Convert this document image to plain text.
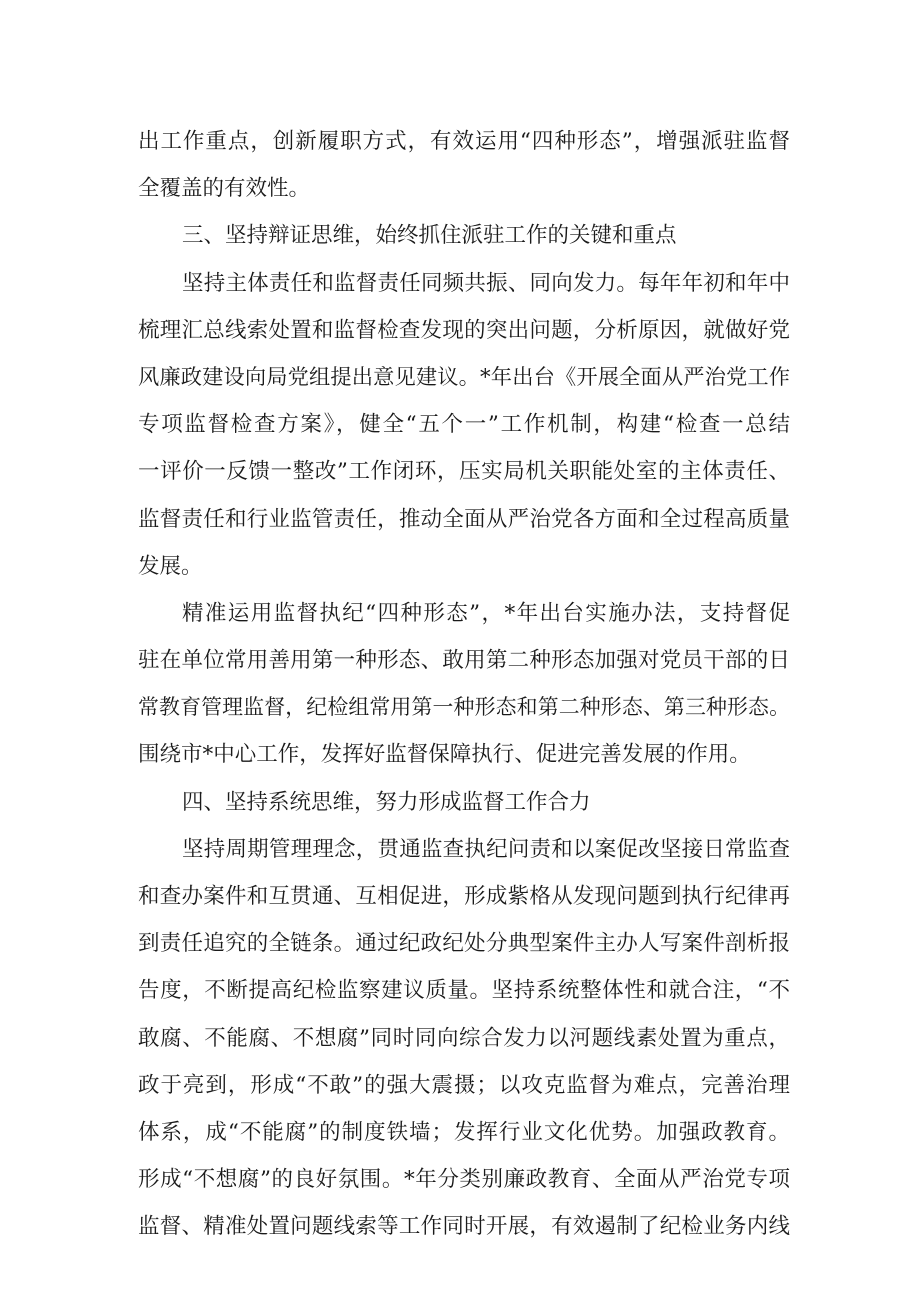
出工作重点，创新履职方式，有效运用“四种形态”，增强派驻监督
全覆盖的有效性。
三、坚持辩证思维，始终抓住派驻工作的关键和重点
坚持主体责任和监督责任同频共振、同向发力。每年年初和年中
梳理汇总线索处置和监督检查发现的突出问题，分析原因，就做好党
风廉政建设向局党组提出意见建议。*年出台《开展全面从严治党工作
专项监督检查方案》，健全“五个一”工作机制，构建“检查一总结
一评价一反馈一整改”工作闭环，压实局机关职能处室的主体责任、
监督责任和行业监管责任，推动全面从严治党各方面和全过程高质量
发展。
精准运用监督执纪“四种形态”，*年出台实施办法，支持督促
驻在单位常用善用第一种形态、敢用第二种形态加强对党员干部的日
常教育管理监督，纪检组常用第一种形态和第二种形态、第三种形态。
围绕市*中心工作，发挥好监督保障执行、促进完善发展的作用。
四、坚持系统思维，努力形成监督工作合力
坚持周期管理理念，贯通监查执纪问责和以案促改坚接日常监查
和查办案件和互贯通、互相促进，形成紫格从发现问题到执行纪律再
到责任追究的全链条。通过纪政纪处分典型案件主办人写案件剖析报
告度，不断提高纪检监察建议质量。坚持系统整体性和就合注，“不
敢腐、不能腐、不想腐”同时同向综合发力以河题线素处置为重点，
政于亮到，形成“不敢”的强大震摄；以攻克监督为难点，完善治理
体系，成“不能腐”的制度铁墙；发挥行业文化优势。加强政教育。
形成“不想腐”的良好氛围。*年分类别廉政教育、全面从严治党专项
监督、精准处置问题线索等工作同时开展，有效遏制了纪检业务内线
